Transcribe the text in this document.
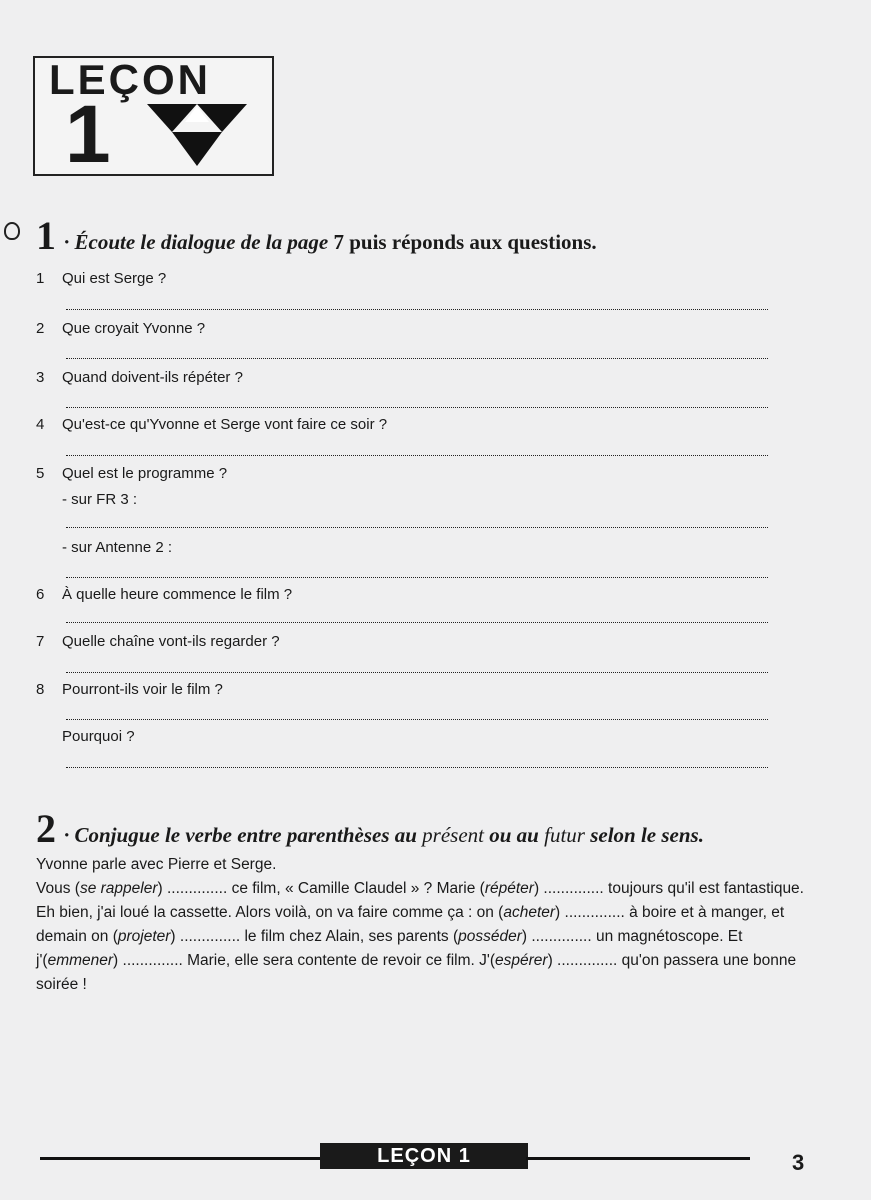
LEÇON
1
1 · Écoute le dialogue de la page 7 puis réponds aux questions.
1 Qui est Serge ?
2 Que croyait Yvonne ?
3 Quand doivent-ils répéter ?
4 Qu'est-ce qu'Yvonne et Serge vont faire ce soir ?
5 Quel est le programme ?
- sur FR 3 :
- sur Antenne 2 :
6 À quelle heure commence le film ?
7 Quelle chaîne vont-ils regarder ?
8 Pourront-ils voir le film ?
Pourquoi ?
2 · Conjugue le verbe entre parenthèses au présent ou au futur selon le sens.
Yvonne parle avec Pierre et Serge.
Vous (se rappeler) .............. ce film, « Camille Claudel » ? Marie (répéter) .............. toujours qu'il est fantastique. Eh bien, j'ai loué la cassette. Alors voilà, on va faire comme ça : on (acheter) .............. à boire et à manger, et demain on (projeter) .............. le film chez Alain, ses parents (posséder) .............. un magnétoscope. Et j'(emmener) .............. Marie, elle sera contente de revoir ce film. J'(espérer) .............. qu'on passera une bonne soirée !
LEÇON 1	3
